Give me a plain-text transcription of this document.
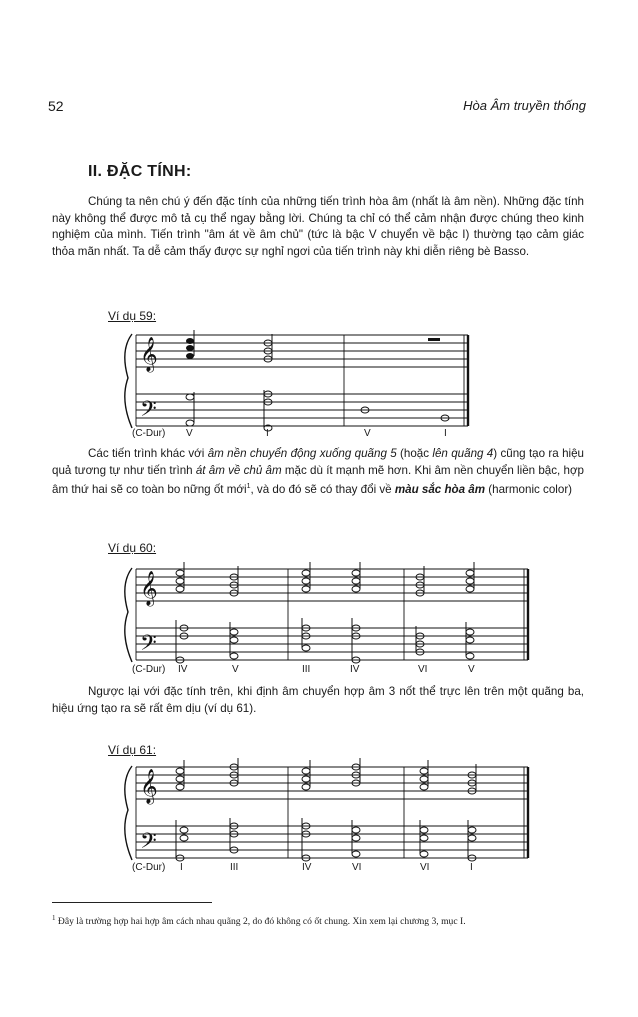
52	Hòa Âm truyền thống
II. ĐẶC TÍNH:
Chúng ta nên chú ý đến đặc tính của những tiến trình hòa âm (nhất là âm nền). Những đặc tính này không thể được mô tả cụ thể ngay bằng lời. Chúng ta chỉ có thể cảm nhận được chúng theo kinh nghiệm của mình. Tiến trình "âm át về âm chủ" (tức là bậc V chuyển về bậc I) thường tạo cảm giác thỏa mãn nhất. Ta dễ cảm thấy được sự nghỉ ngơi của tiến trình này khi diễn riêng bè Basso.
Ví dụ 59:
𝄞
𝄢
(C-Dur) V	I	V	I
Các tiến trình khác với âm nền chuyển động xuống quãng 5 (hoặc lên quãng 4) cũng tạo ra hiệu quả tương tự như tiến trình át âm về chủ âm mặc dù ít mạnh mẽ hơn. Khi âm nền chuyển liền bậc, hợp âm thứ hai sẽ co toàn bo nững ốt mới$^1$, và do đó sẽ có thay đổi về màu sắc hòa âm (harmonic color)
Ví dụ 60:
𝄞
𝄢
(C-Dur) IV	V	III	IV	VI	V
Ngược lại với đặc tính trên, khi định âm chuyển hợp âm 3 nốt thể trực lên trên một quãng ba, hiệu ứng tạo ra sẽ rất êm dịu (ví dụ 61).
Ví dụ 61:
𝄞
𝄢
(C-Dur) I	III	IV	VI	VI	I
$^1$ Đây là trường hợp hai hợp âm cách nhau quãng 2, do đó không có ốt chung. Xin xem lại chương 3, mục I.
